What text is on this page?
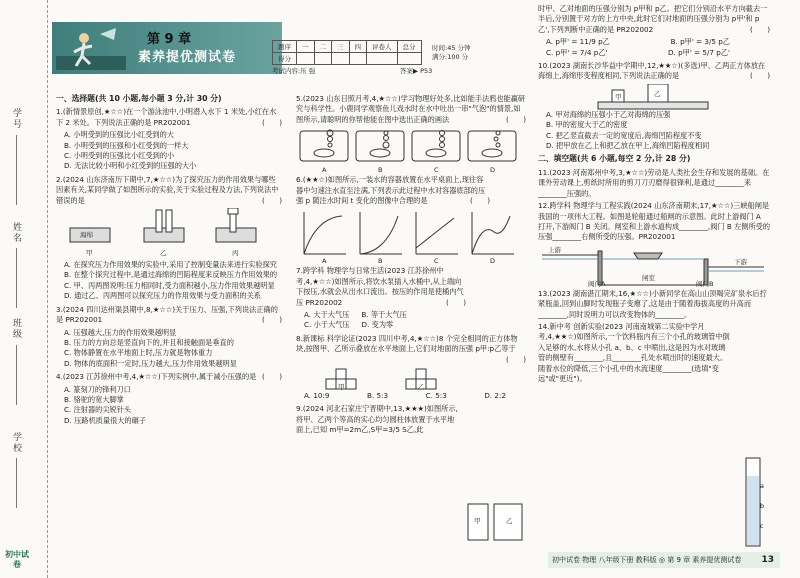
学号
姓名
班级
学校
初中试卷
第 9 章
素养提优测试卷
题序	一	二	三	四	评卷人	总分
得分						
时间:45 分钟
满分:100 分
考试内容:压 强	答案▶ P53
一、选择题(共 10 小题,每小题 3 分,计 30 分)
1.(新情景原创,★☆☆)在一个游泳池中,小明潜入水下 1 米处,小红在水下 2 米处。下列说法正确的是 PR202001	(　　)
A. 小明受到的压强比小红受到的大
B. 小明受到的压强和小红受到的一样大
C. 小明受到的压强比小红受到的小
D. 无法比较小明和小红受到的压强的大小
2.(2024 山东济南历下期中,7,★☆☆)为了探究压力的作用效果与哪些因素有关,某同学做了如图所示的实验,关于实验过程及方法,下列说法中错误的是	(　　)
海绵
甲	乙	丙
A. 在探究压力作用效果的实验中,采用了控制变量法来进行实验探究
B. 在整个探究过程中,是通过海绵的凹陷程度来反映压力作用效果的
C. 甲、丙两图说明:压力相同时,受力面积越小,压力作用效果越明显
D. 通过乙、丙两图可以探究压力的作用效果与受力面积的关系
3.(2024 四川达州渠县期中,8,★☆☆)关于压力、压强,下列说法正确的是 PR202001	(　　)
A. 压强越大,压力的作用效果越明显
B. 压力的方向总是竖直向下的,并且和接触面是垂直的
C. 物体静置在水平地面上时,压力就是物体重力
D. 物体的底面积一定时,压力越大,压力作用效果越明显
4.(2023 江苏徐州中考,4,★☆☆)下列实例中,属于减小压强的是 (　　)
A. 篆刻刀的锋利刀口
B. 骆驼的宽大脚掌
C. 注射器的尖锐针头
D. 压路机质量很大的碾子
5.(2023 山东日照月考,4,★☆☆)学习物理好处多,比如能手法鸦也能赢研究与科学性。小鹿同学观察鱼儿戏水时在水中吐出一串"气泡"的情景,如图所示,请聪明的你帮他能在图中选出正确的画法	(　　)
A	B	C	D
6.(★★☆)如图所示,一装水的容器放置在水平桌面上,现往容器中匀速注水直至注满,下列表示此过程中水对容器底部的压强 p 随注水时间 t 变化的图像中合理的是	(　　)
A	B	C	D
7.跨学科 物理学与日常生活(2023 江苏徐州中考,4,★☆☆)如图所示,将饮水泵插入水桶中,从上端向下按压,水就会从出水口流出。按压的作用是使桶内气压 PR202002	(　　)
A. 大于大气压 B. 等于大气压
C. 小于大气压 D. 变为零
8.新课标 科学论证(2023 四川中考,4,★☆☆)8 个完全相同的正方体物块,按图甲、乙所示叠放在水平地面上,它们对地面的压强 p甲:p乙等于
(　　)
甲	乙
A. 10:9	B. 5:3	C. 5:3	D. 2:2
9.(2024 河北石家庄宁晋期中,13,★★★)如图所示,将甲、乙两个等高的实心均匀圆柱体放置于水平地面上,已知 m甲=2m乙,S甲=3/5 S乙,此
甲	乙
时甲、乙对地面的压强分别为 p甲和 p乙。把它们分别沿水平方向截去一半后,分别置于对方的上方中央,此时它们对地面的压强分别为 p甲'和 p乙',下列判断中正确的是 PR202002	(　　)
A. p甲' = 11/9 p乙	B. p甲' = 3/5 p乙
C. p甲' = 7/4 p乙'	D. p甲' = 5/7 p乙'
10.(2023 湖南长沙华益中学期中,12,★★☆)(多选)甲、乙两正方体放在海绵上,海绵形变程度相同,下列说法正确的是	(　　)
甲	乙
A. 甲对海绵的压强小于乙对海绵的压强
B. 甲的密度大于乙的密度
C. 把乙竖直截去一定的宽度后,海绵凹陷程度不变
D. 把甲放在乙上和把乙放在甲上,海绵凹陷程度相同
二、填空题(共 6 小题,每空 2 分,计 28 分)
11.(2023 河南郑州中考,3,★☆☆)劳动是人类社会生存和发展的基础。在课外劳动课上,剪纸时所用的剪刀刀刃磨得很锋利,是通过________来________压强的。
12.跨学科 物理学与工程实践(2024 山东济南期末,17,★☆☆)三峡船闸是我国的一项伟大工程。如图是轮船通过船闸的示意图。此时上游阀门 A 打开,下游阀门 B 关闭。闸室和上游水道构成________,阀门 B 左侧所受的压强________右侧所受的压强。PR202001
上游
闸室
下游
阀门A	阀门B
13.(2023 湖南湛江期末,16,★☆☆)小新同学在高山山顶喝完矿泉水后拧紧瓶盖,回到山脚时发现瓶子变瘪了,这是由于随着海拔高度的升高而________,同时说明力可以改变物体的________。
14.新中考 创新实验(2023 河南南城第二实验中学月考,4,★★☆)如图所示,一个饮料瓶内有三个小孔的玻璃管中倒入足够的水,水将从小孔 a、b、c 中喷出,这是因为水对玻璃管的侧壁有________,且________孔处水喷出时的速度最大。随着水位的降低,三个小孔中的水流速度________(选填"变远"或"更近")。
a
b
c
初中试卷 物理 八年级下册 教科版 ◎ 第 9 章 素养提优测试卷 13
